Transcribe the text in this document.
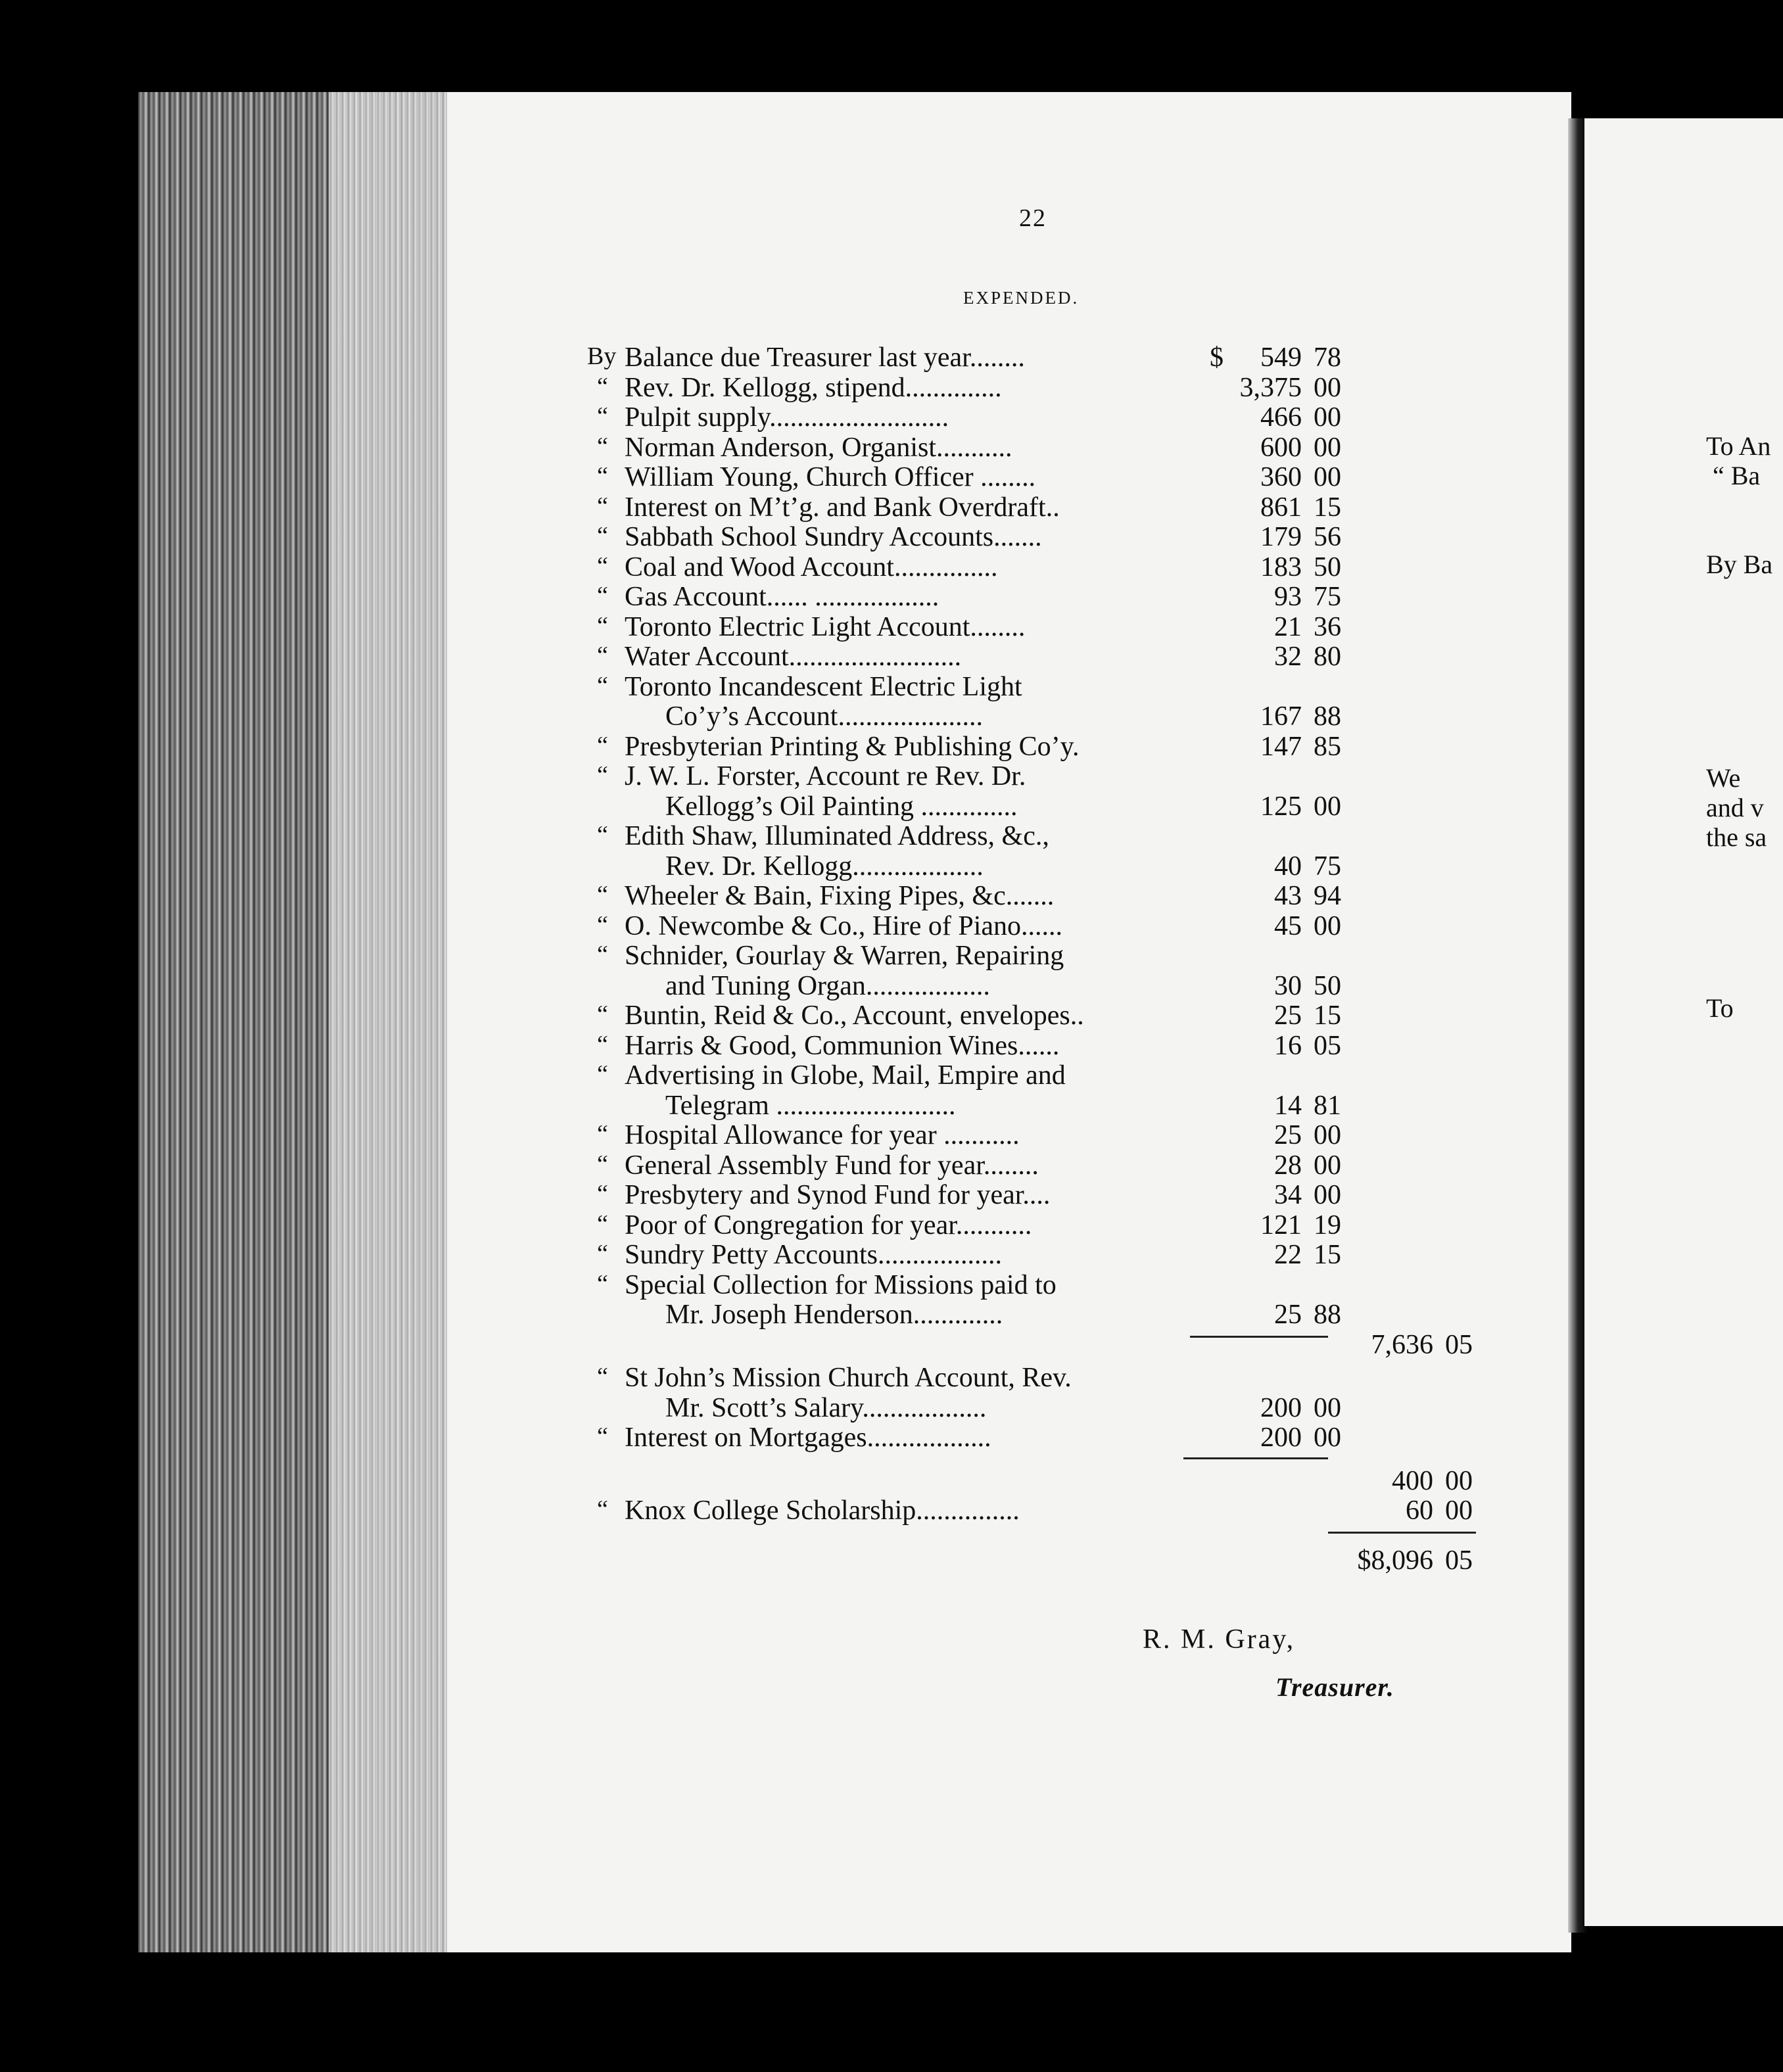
22
EXPENDED.
By Balance due Treasurer last year........	$	549 78
“ Rev. Dr. Kellogg, stipend..............	3,375 00
“ Pulpit supply..........................	466 00
“ Norman Anderson, Organist...........	600 00
“ William Young, Church Officer ........	360 00
“ Interest on M’t’g. and Bank Overdraft..	861 15
“ Sabbath School Sundry Accounts.......	179 56
“ Coal and Wood Account...............	183 50
“ Gas Account...... ..................	93 75
“ Toronto Electric Light Account........	21 36
“ Water Account.........................	32 80
“ Toronto Incandescent Electric Light
Co’y’s Account.....................	167 88
“ Presbyterian Printing & Publishing Co’y.	147 85
“ J. W. L. Forster, Account re Rev. Dr.
Kellogg’s Oil Painting ..............	125 00
“ Edith Shaw, Illuminated Address, &c.,
Rev. Dr. Kellogg...................	40 75
“ Wheeler & Bain, Fixing Pipes, &c.......	43 94
“ O. Newcombe & Co., Hire of Piano......	45 00
“ Schnider, Gourlay & Warren, Repairing
and Tuning Organ..................	30 50
“ Buntin, Reid & Co., Account, envelopes..	25 15
“ Harris & Good, Communion Wines......	16 05
“ Advertising in Globe, Mail, Empire and
Telegram ..........................	14 81
“ Hospital Allowance for year ...........	25 00
“ General Assembly Fund for year........	28 00
“ Presbytery and Synod Fund for year....	34 00
“ Poor of Congregation for year...........	121 19
“ Sundry Petty Accounts..................	22 15
“ Special Collection for Missions paid to
Mr. Joseph Henderson.............	25 88
7,636 05
“ St John’s Mission Church Account, Rev.
Mr. Scott’s Salary..................	200 00
“ Interest on Mortgages..................	200 00
400 00
“ Knox College Scholarship...............	60 00
$8,096 05
R. M. Gray,
Treasurer.
To An
“ Ba
By Ba
We
and v
the sa
To
